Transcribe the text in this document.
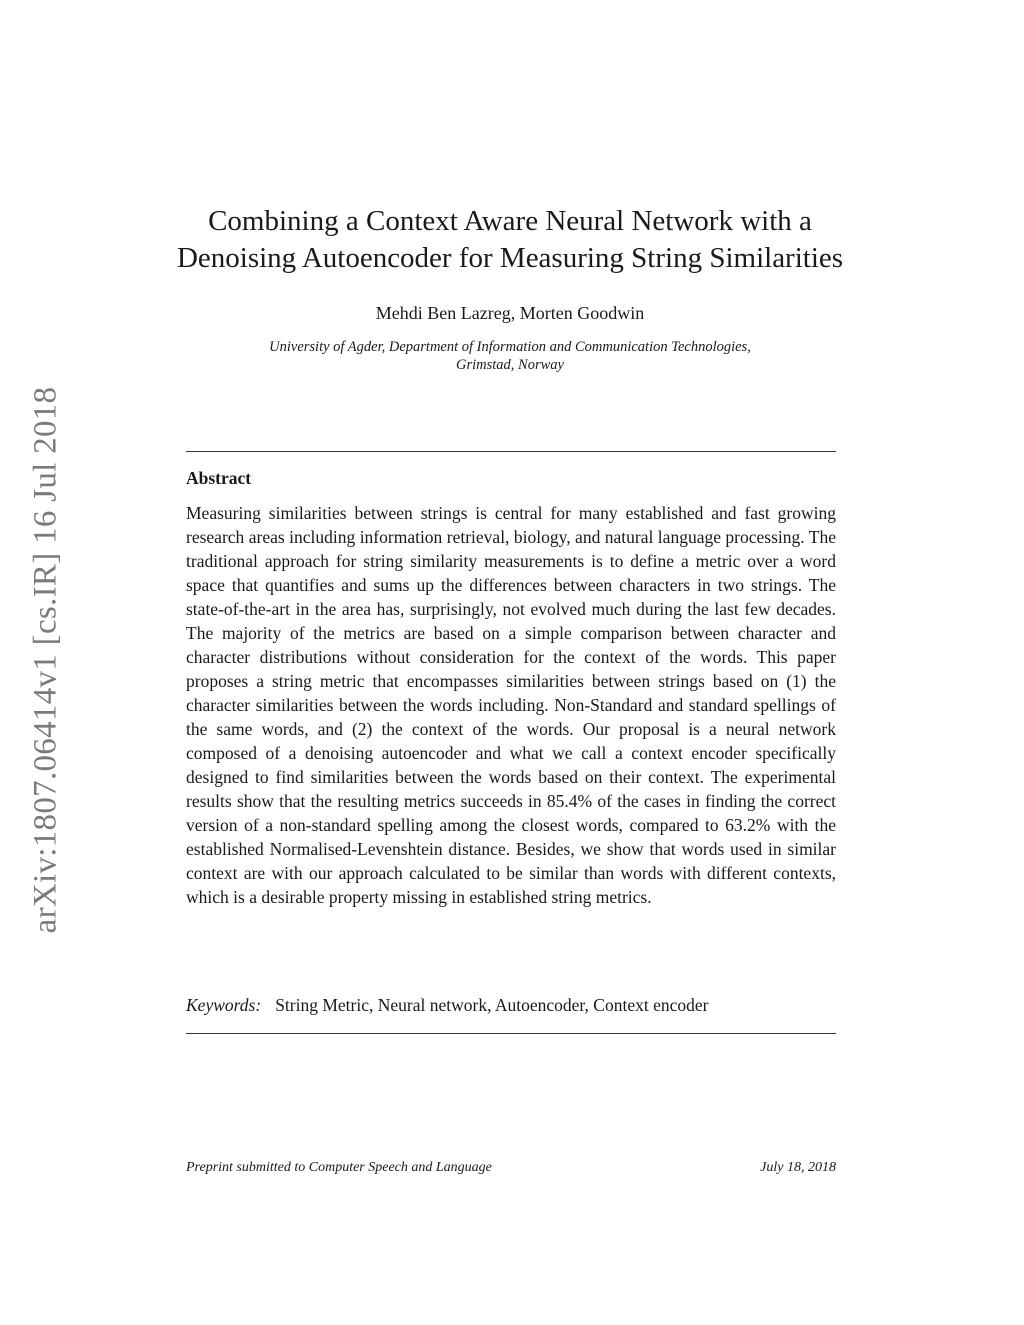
arXiv:1807.06414v1 [cs.IR] 16 Jul 2018
Combining a Context Aware Neural Network with a
Denoising Autoencoder for Measuring String Similarities
Mehdi Ben Lazreg, Morten Goodwin
University of Agder, Department of Information and Communication Technologies,
Grimstad, Norway
Abstract

Measuring similarities between strings is central for many established and fast growing research areas including information retrieval, biology, and natural language processing. The traditional approach for string similarity measurements is to define a metric over a word space that quantifies and sums up the differences between characters in two strings. The state-of-the-art in the area has, surprisingly, not evolved much during the last few decades. The majority of the metrics are based on a simple comparison between character and character distributions without consideration for the context of the words. This paper proposes a string metric that encompasses similarities between strings based on (1) the character similarities between the words including. Non-Standard and standard spellings of the same words, and (2) the context of the words. Our proposal is a neural network composed of a denoising autoencoder and what we call a context encoder specifically designed to find similarities between the words based on their context. The experimental results show that the resulting metrics succeeds in 85.4% of the cases in finding the correct version of a non-standard spelling among the closest words, compared to 63.2% with the established Normalised-Levenshtein distance. Besides, we show that words used in similar context are with our approach calculated to be similar than words with different contexts, which is a desirable property missing in established string metrics.

Keywords: String Metric, Neural network, Autoencoder, Context encoder
Preprint submitted to Computer Speech and Language	July 18, 2018
